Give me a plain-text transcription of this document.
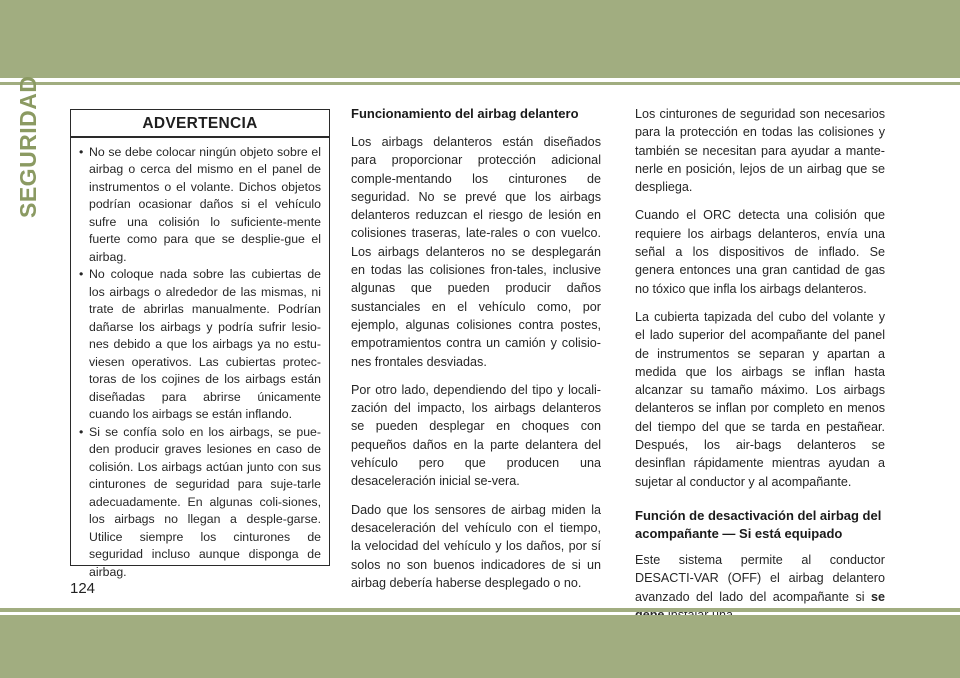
SEGURIDAD	ADVERTENCIA
• No se debe colocar ningún objeto sobre el airbag o cerca del mismo en el panel de instrumentos o el volante. Dichos objetos podrían ocasionar daños si el vehículo sufre una colisión lo suficiente-mente fuerte como para que se desplie-gue el airbag.
• No coloque nada sobre las cubiertas de los airbags o alrededor de las mismas, ni trate de abrirlas manualmente. Podrían dañarse los airbags y podría sufrir lesio-nes debido a que los airbags ya no estu-viesen operativos. Las cubiertas protec-toras de los cojines de los airbags están diseñadas para abrirse únicamente cuando los airbags se están inflando.
• Si se confía solo en los airbags, se pue-den producir graves lesiones en caso de colisión. Los airbags actúan junto con sus cinturones de seguridad para suje-tarle adecuadamente. En algunas coli-siones, los airbags no llegan a desple-garse. Utilice siempre los cinturones de seguridad incluso aunque disponga de airbag.
Funcionamiento del airbag delantero

Los airbags delanteros están diseñados para proporcionar protección adicional comple-mentando los cinturones de seguridad. No se prevé que los airbags delanteros reduzcan el riesgo de lesión en colisiones traseras, late-rales o con vuelco. Los airbags delanteros no se desplegarán en todas las colisiones fron-tales, inclusive algunas que pueden producir daños sustanciales en el vehículo como, por ejemplo, algunas colisiones contra postes, empotramientos contra un camión y colisio-nes frontales desviadas.

Por otro lado, dependiendo del tipo y locali-zación del impacto, los airbags delanteros se pueden desplegar en choques con pequeños daños en la parte delantera del vehículo pero que producen una desaceleración inicial se-vera.

Dado que los sensores de airbag miden la desaceleración del vehículo con el tiempo, la velocidad del vehículo y los daños, por sí solos no son buenos indicadores de si un airbag debería haberse desplegado o no.

Los cinturones de seguridad son necesarios para la protección en todas las colisiones y también se necesitan para ayudar a mante-nerle en posición, lejos de un airbag que se despliega.

Cuando el ORC detecta una colisión que requiere los airbags delanteros, envía una señal a los dispositivos de inflado. Se genera entonces una gran cantidad de gas no tóxico que infla los airbags delanteros.

La cubierta tapizada del cubo del volante y el lado superior del acompañante del panel de instrumentos se separan y apartan a medida que los airbags se inflan hasta alcanzar su tamaño máximo. Los airbags delanteros se inflan por completo en menos del tiempo del que se tarda en pestañear. Después, los air-bags delanteros se desinflan rápidamente mientras ayudan a sujetar al conductor y al acompañante.

Función de desactivación del airbag del acompañante — Si está equipado

Este sistema permite al conductor DESACTI-VAR (OFF) el airbag delantero avanzado del lado del acompañante si se

124
